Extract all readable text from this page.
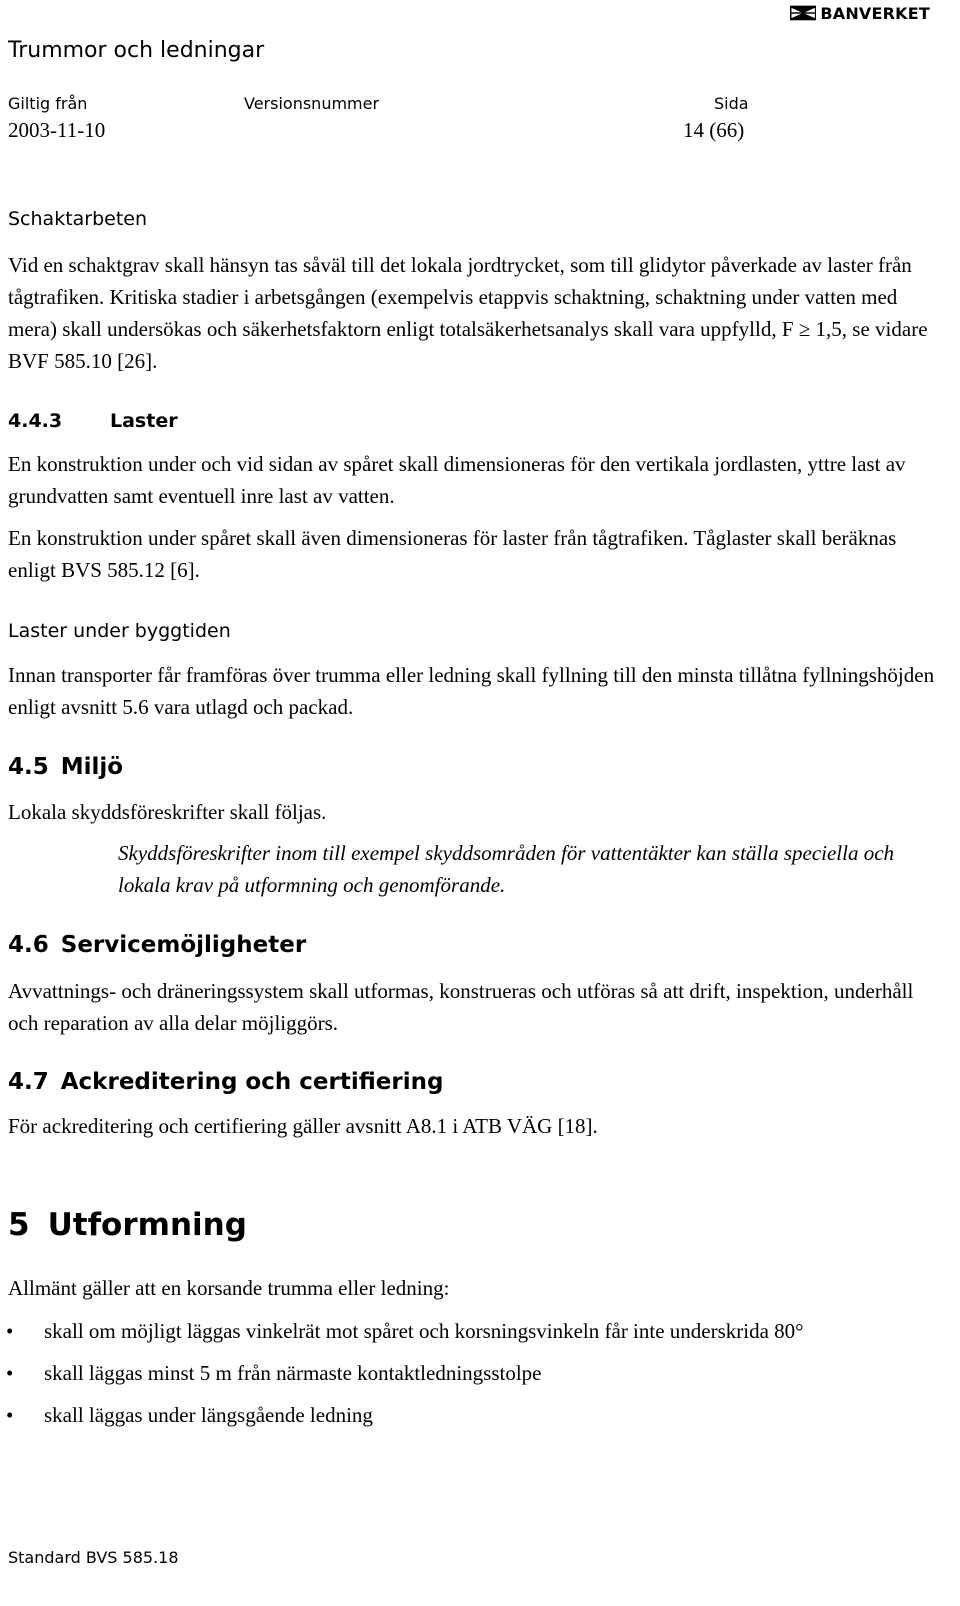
BANVERKET
Trummor och ledningar
Giltig från	Versionsnummer	Sida
2003-11-10	14 (66)
Schaktarbeten
Vid en schaktgrav skall hänsyn tas såväl till det lokala jordtrycket, som till glidytor påverkade av laster från tågtrafiken. Kritiska stadier i arbetsgången (exempelvis etappvis schaktning, schaktning under vatten med mera) skall undersökas och säkerhetsfaktorn enligt totalsäkerhetsanalys skall vara uppfylld, F ≥ 1,5, se vidare BVF 585.10 [26].
4.4.3	Laster
En konstruktion under och vid sidan av spåret skall dimensioneras för den vertikala jordlasten, yttre last av grundvatten samt eventuell inre last av vatten.
En konstruktion under spåret skall även dimensioneras för laster från tågtrafiken. Tåglaster skall beräknas enligt BVS 585.12 [6].
Laster under byggtiden
Innan transporter får framföras över trumma eller ledning skall fyllning till den minsta tillåtna fyllningshöjden enligt avsnitt 5.6 vara utlagd och packad.
4.5 Miljö
Lokala skyddsföreskrifter skall följas.
Skyddsföreskrifter inom till exempel skyddsområden för vattentäkter kan ställa speciella och lokala krav på utformning och genomförande.
4.6 Servicemöjligheter
Avvattnings- och dräneringssystem skall utformas, konstrueras och utföras så att drift, inspektion, underhåll och reparation av alla delar möjliggörs.
4.7 Ackreditering och certifiering
För ackreditering och certifiering gäller avsnitt A8.1 i ATB VÄG [18].
5 Utformning
Allmänt gäller att en korsande trumma eller ledning:
• skall om möjligt läggas vinkelrät mot spåret och korsningsvinkeln får inte underskrida 80°
• skall läggas minst 5 m från närmaste kontaktledningsstolpe
• skall läggas under längsgående ledning
Standard BVS 585.18
